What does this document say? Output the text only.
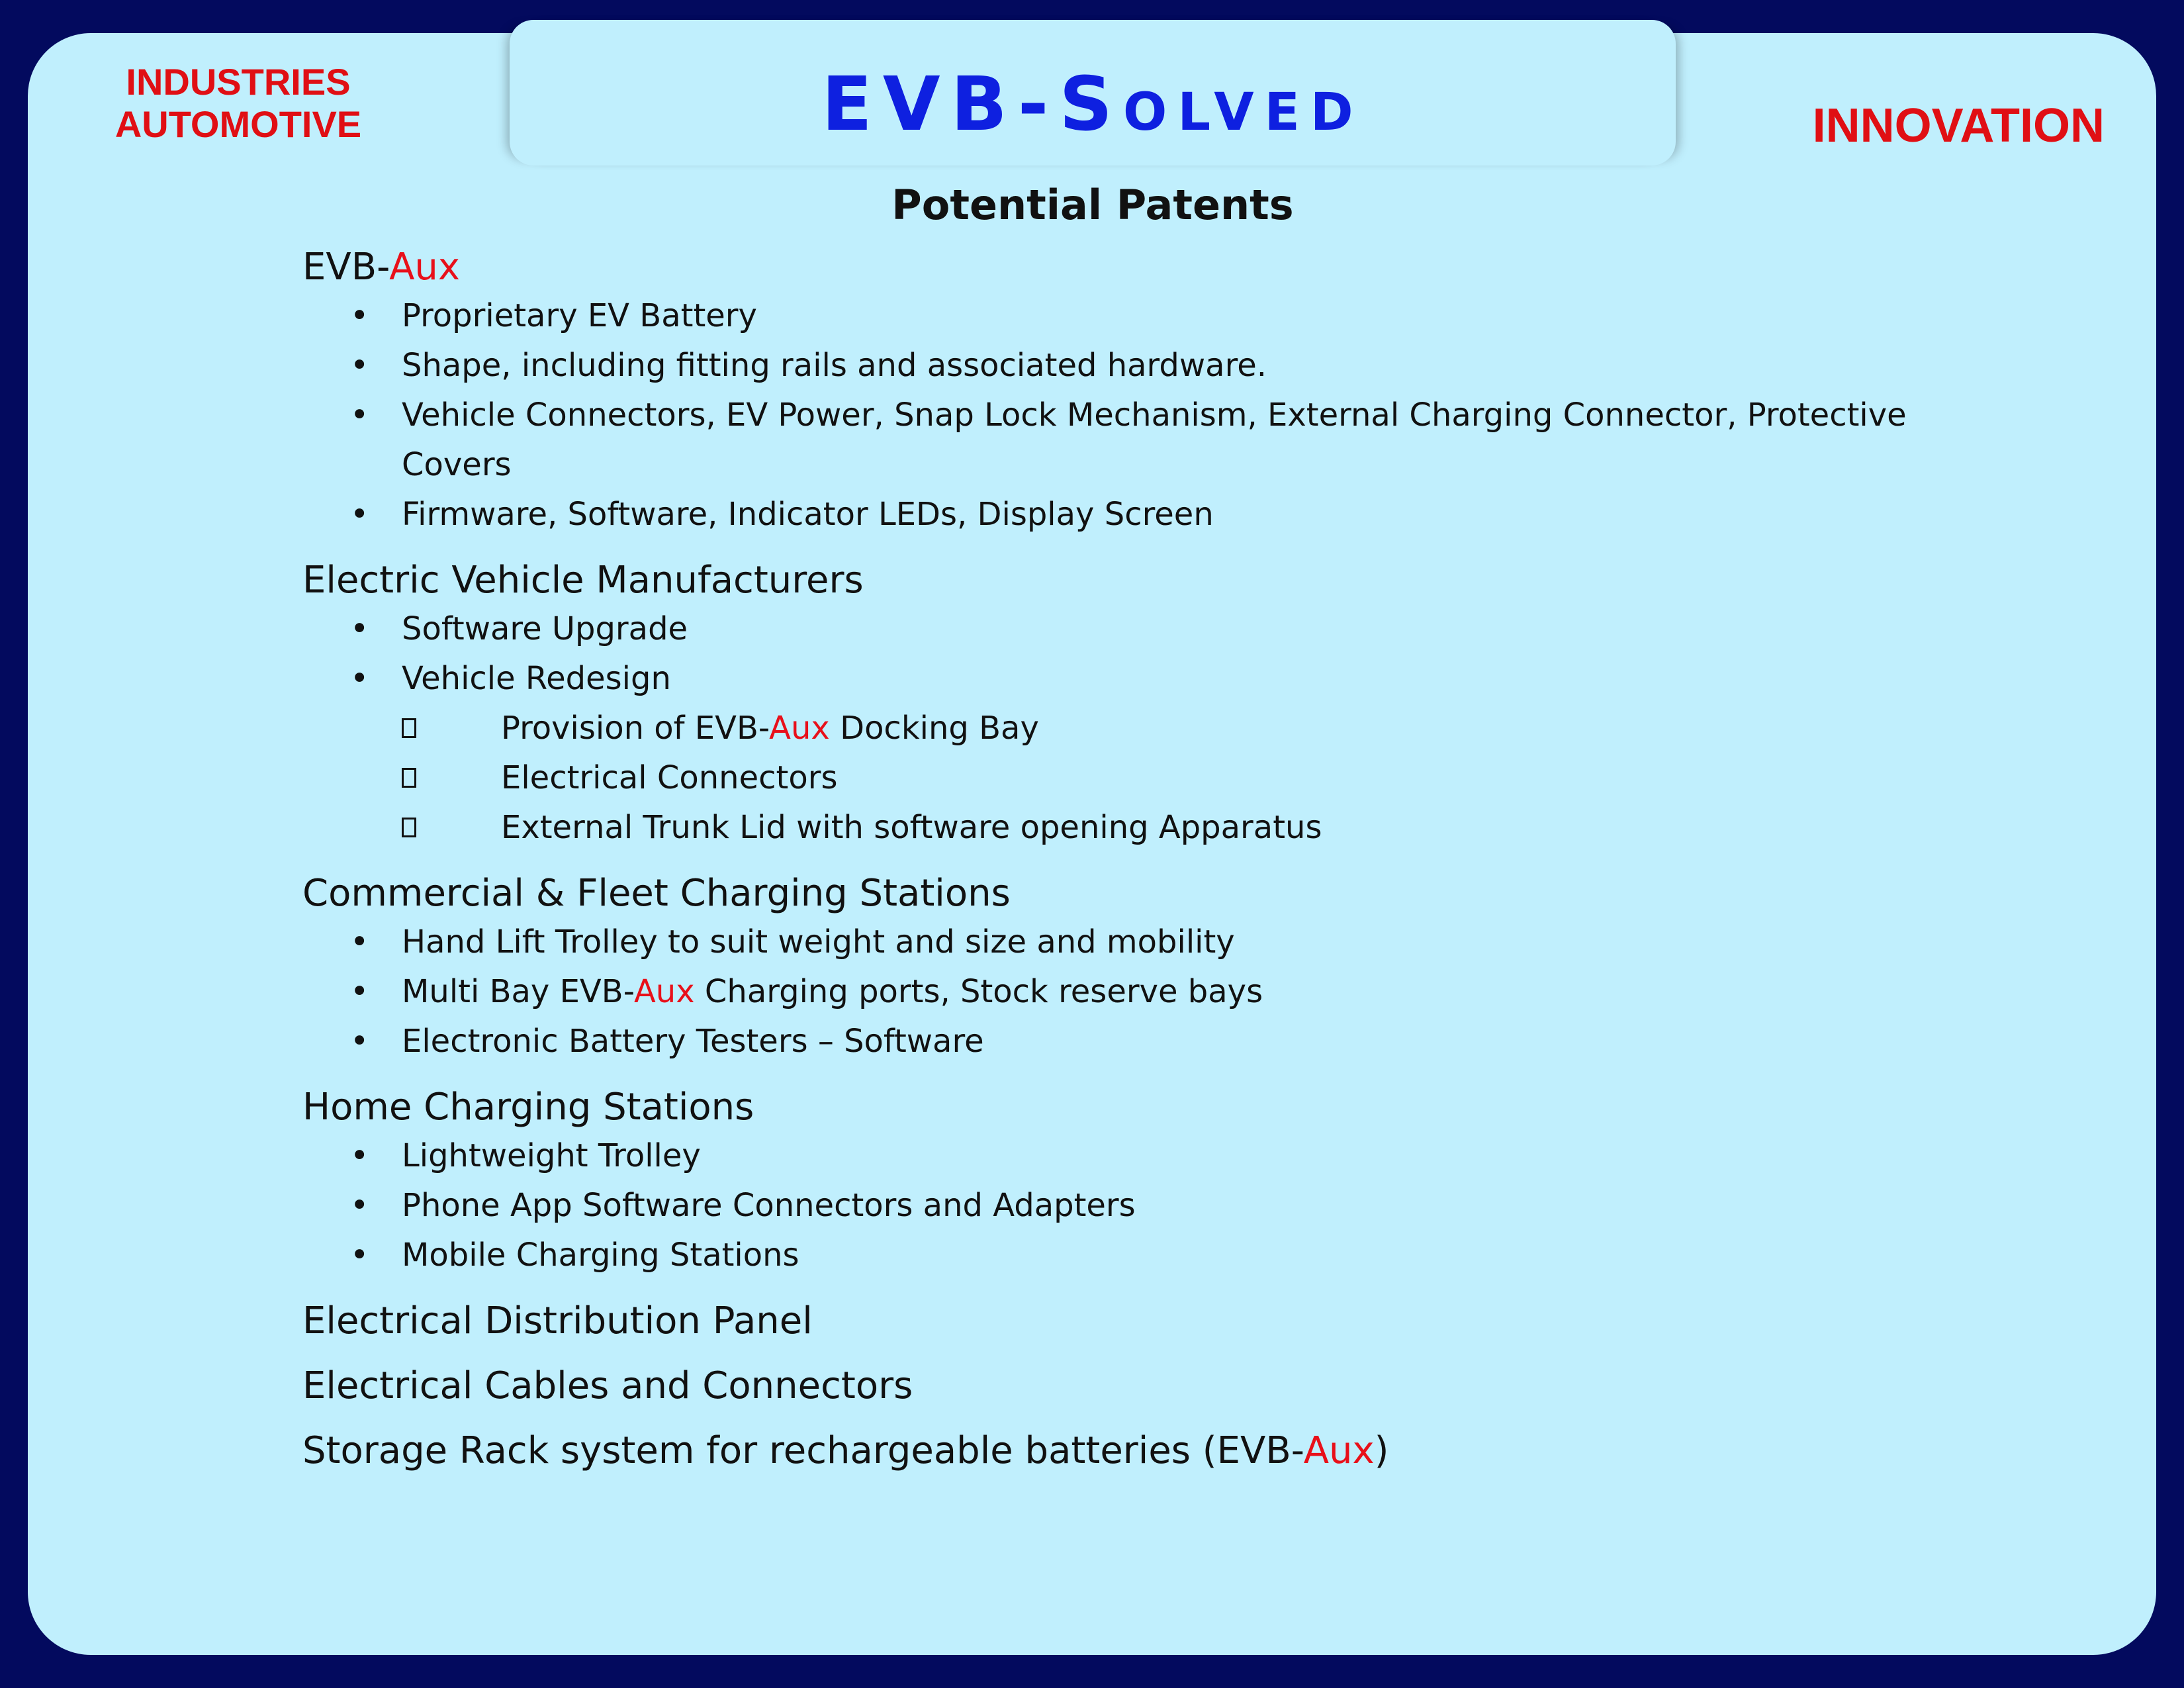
INDUSTRIES
AUTOMOTIVE	EVB-Solved	INNOVATION
Potential Patents
EVB-Aux
• Proprietary EV Battery
• Shape, including fitting rails and associated hardware.
• Vehicle Connectors, EV Power, Snap Lock Mechanism, External Charging Connector, Protective Covers
• Firmware, Software, Indicator LEDs, Display Screen
Electric Vehicle Manufacturers
• Software Upgrade
• Vehicle Redesign
Provision of EVB-Aux Docking Bay
Electrical Connectors
External Trunk Lid with software opening Apparatus
Commercial & Fleet Charging Stations
• Hand Lift Trolley to suit weight and size and mobility
• Multi Bay EVB-Aux Charging ports, Stock reserve bays
• Electronic Battery Testers – Software
Home Charging Stations
• Lightweight Trolley
• Phone App Software Connectors and Adapters
• Mobile Charging Stations
Electrical Distribution Panel
Electrical Cables and Connectors
Storage Rack system for rechargeable batteries (EVB-Aux)
